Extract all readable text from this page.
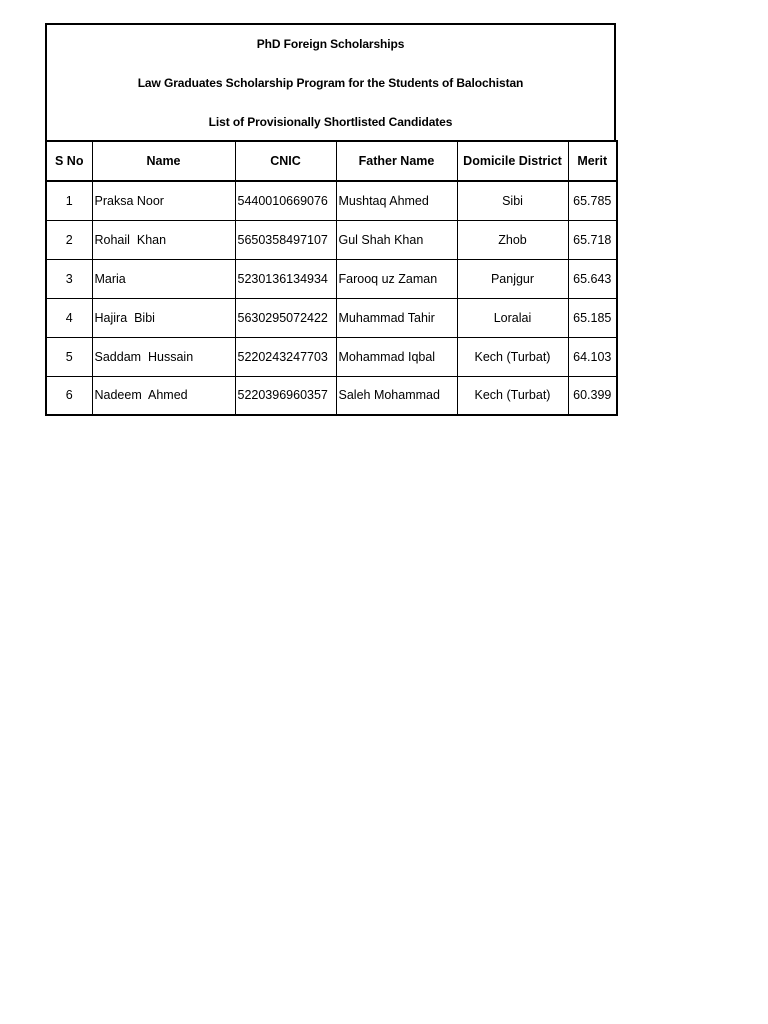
PhD Foreign Scholarships
Law Graduates Scholarship Program for the Students of Balochistan
List of Provisionally Shortlisted Candidates
S No	Name	CNIC	Father Name	Domicile District	Merit
1	Praksa Noor	5440010669076	Mushtaq Ahmed	Sibi	65.785
2	Rohail  Khan	5650358497107	Gul Shah Khan	Zhob	65.718
3	Maria	5230136134934	Farooq uz Zaman	Panjgur	65.643
4	Hajira  Bibi	5630295072422	Muhammad Tahir	Loralai	65.185
5	Saddam  Hussain	5220243247703	Mohammad Iqbal	Kech (Turbat)	64.103
6	Nadeem  Ahmed	5220396960357	Saleh Mohammad	Kech (Turbat)	60.399
